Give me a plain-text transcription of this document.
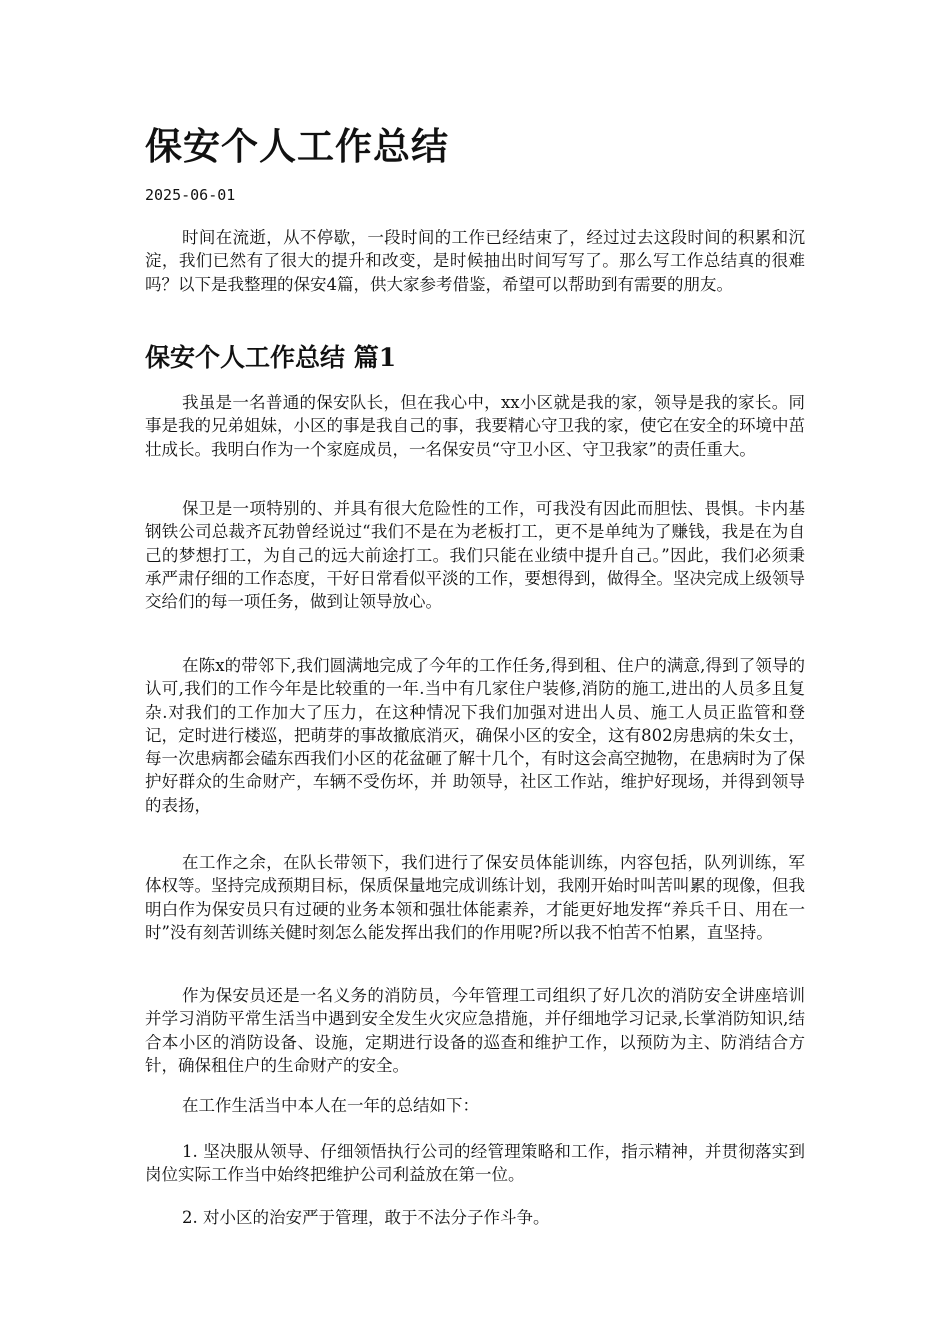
保安个人工作总结
2025-06-01

时间在流逝，从不停歇，一段时间的工作已经结束了，经过过去这段时间的积累和沉淀，我们已然有了很大的提升和改变，是时候抽出时间写写了。那么写工作总结真的很难吗？以下是我整理的保安4篇，供大家参考借鉴，希望可以帮助到有需要的朋友。

保安个人工作总结 篇1

我虽是一名普通的保安队长，但在我心中，xx小区就是我的家，领导是我的家长。同事是我的兄弟姐妹，小区的事是我自己的事，我要精心守卫我的家，使它在安全的环境中茁壮成长。我明白作为一个家庭成员，一名保安员“守卫小区、守卫我家”的责任重大。

保卫是一项特别的、并具有很大危险性的工作，可我没有因此而胆怯、畏惧。卡内基钢铁公司总裁齐瓦勃曾经说过“我们不是在为老板打工，更不是单纯为了赚钱，我是在为自己的梦想打工，为自己的远大前途打工。我们只能在业绩中提升自己。”因此，我们必须秉承严肃仔细的工作态度，干好日常看似平淡的工作，要想得到，做得全。坚决完成上级领导交给们的每一项任务，做到让领导放心。

在陈x的带邻下,我们圆满地完成了今年的工作任务,得到租、住户的满意,得到了领导的认可,我们的工作今年是比较重的一年.当中有几家住户装修,消防的施工,进出的人员多且复杂.对我们的工作加大了压力，在这种情况下我们加强对进出人员、施工人员正监管和登记，定时进行楼巡，把萌芽的事故撤底消灭，确保小区的安全，这有802房患病的朱女士，每一次患病都会磕东西我们小区的花盆砸了解十几个，有时这会高空抛物，在患病时为了保护好群众的生命财产，车辆不受伤坏，并 助领导，社区工作站，维护好现场，并得到领导的表扬，

在工作之余，在队长带领下，我们进行了保安员体能训练，内容包括，队列训练，军体权等。坚持完成预期目标，保质保量地完成训练计划，我刚开始时叫苦叫累的现像，但我明白作为保安员只有过硬的业务本领和强壮体能素养，才能更好地发挥“养兵千日、用在一时”没有刻苦训练关健时刻怎么能发挥出我们的作用呢?所以我不怕苦不怕累，直坚持。

作为保安员还是一名义务的消防员，今年管理工司组织了好几次的消防安全讲座培训并学习消防平常生活当中遇到安全发生火灾应急措施，并仔细地学习记录,长掌消防知识,结合本小区的消防设备、设施，定期进行设备的巡查和维护工作，以预防为主、防消结合方针，确保租住户的生命财产的安全。

在工作生活当中本人在一年的总结如下：

1. 坚决服从领导、仔细领悟执行公司的经管理策略和工作，指示精神，并贯彻落实到岗位实际工作当中始终把维护公司利益放在第一位。

2. 对小区的治安严于管理，敢于不法分子作斗争。
